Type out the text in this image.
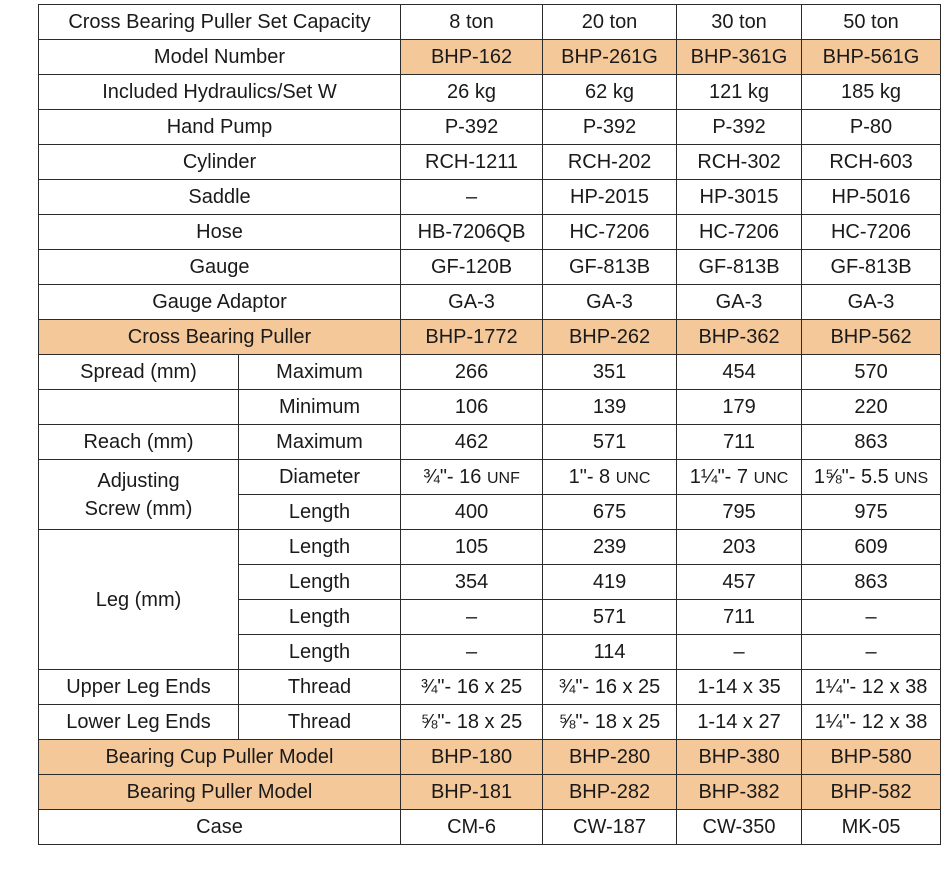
Cross Bearing Puller Set Capacity		8 ton	20 ton	30 ton	50 ton
Model Number		BHP-162	BHP-261G	BHP-361G	BHP-561G
Included Hydraulics/Set W		26 kg	62 kg	121 kg	185 kg
Hand Pump		P-392	P-392	P-392	P-80
Cylinder		RCH-1211	RCH-202	RCH-302	RCH-603
Saddle		–	HP-2015	HP-3015	HP-5016
Hose		HB-7206QB	HC-7206	HC-7206	HC-7206
Gauge		GF-120B	GF-813B	GF-813B	GF-813B
Gauge Adaptor		GA-3	GA-3	GA-3	GA-3
Cross Bearing Puller		BHP-1772	BHP-262	BHP-362	BHP-562
Spread (mm)	Maximum	266	351	454	570
	Minimum	106	139	179	220
Reach (mm)	Maximum	462	571	711	863
Adjusting
Screw (mm)	Diameter	¾"- 16 UNF	1"- 8 UNC	1¼"- 7 UNC	1⅝"- 5.5 UNS
	Length	400	675	795	975
Leg (mm)	Length	105	239	203	609
	Length	354	419	457	863
	Length	–	571	711	–
	Length	–	114	–	–
Upper Leg Ends	Thread	¾"- 16 x 25	¾"- 16 x 25	1-14 x 35	1¼"- 12 x 38
Lower Leg Ends	Thread	⅝"- 18 x 25	⅝"- 18 x 25	1-14 x 27	1¼"- 12 x 38
Bearing Cup Puller Model		BHP-180	BHP-280	BHP-380	BHP-580
Bearing Puller Model		BHP-181	BHP-282	BHP-382	BHP-582
Case		CM-6	CW-187	CW-350	MK-05
